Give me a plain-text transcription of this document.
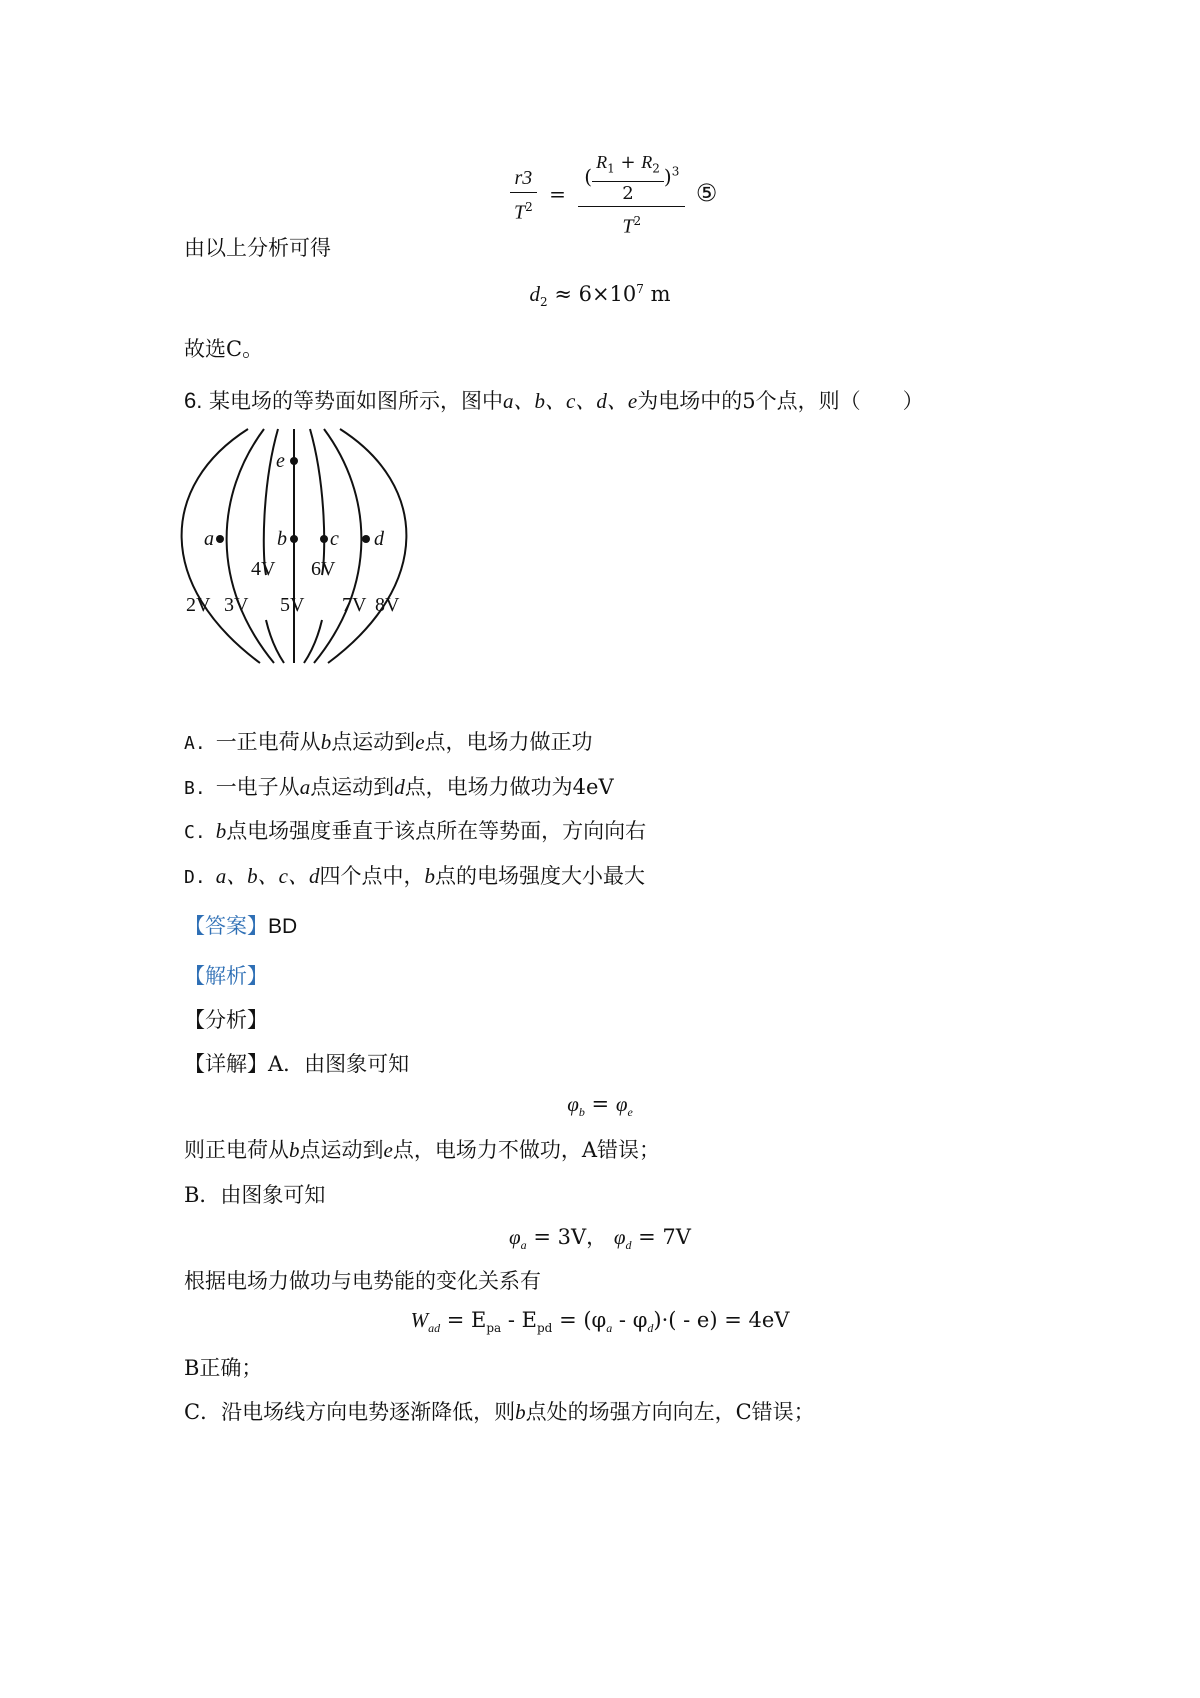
$\frac{r3}{T^2} = \frac{( \frac{R_1 + R_2}{2} )^3}{T^2}$ ⑤
由以上分析可得
$d_2 \approx 6\times 10^7$ m
故选C。
6. 某电场的等势面如图所示，图中a、b、c、d、e为电场中的5个点，则（　　）
e
a	b c d
4V 6V
2V 3V 5V 7V 8V
A. 一正电荷从b点运动到e点，电场力做正功
B. 一电子从a点运动到d点，电场力做功为4eV
C. b点电场强度垂直于该点所在等势面，方向向右
D. a、b、c、d四个点中，b点的电场强度大小最大
【答案】BD
【解析】
【分析】
【详解】A．由图象可知
$\varphi_b = \varphi_e$
则正电荷从b点运动到e点，电场力不做功，A错误；
B．由图象可知
$\varphi_a = 3V$， $\varphi_d = 7V$
根据电场力做功与电势能的变化关系有
$W_{ad} = E_{pa} - E_{pd} = (\varphi_a - \varphi_d)\cdot( - e) = 4eV$
B正确；
C．沿电场线方向电势逐渐降低，则b点处的场强方向向左，C错误；
